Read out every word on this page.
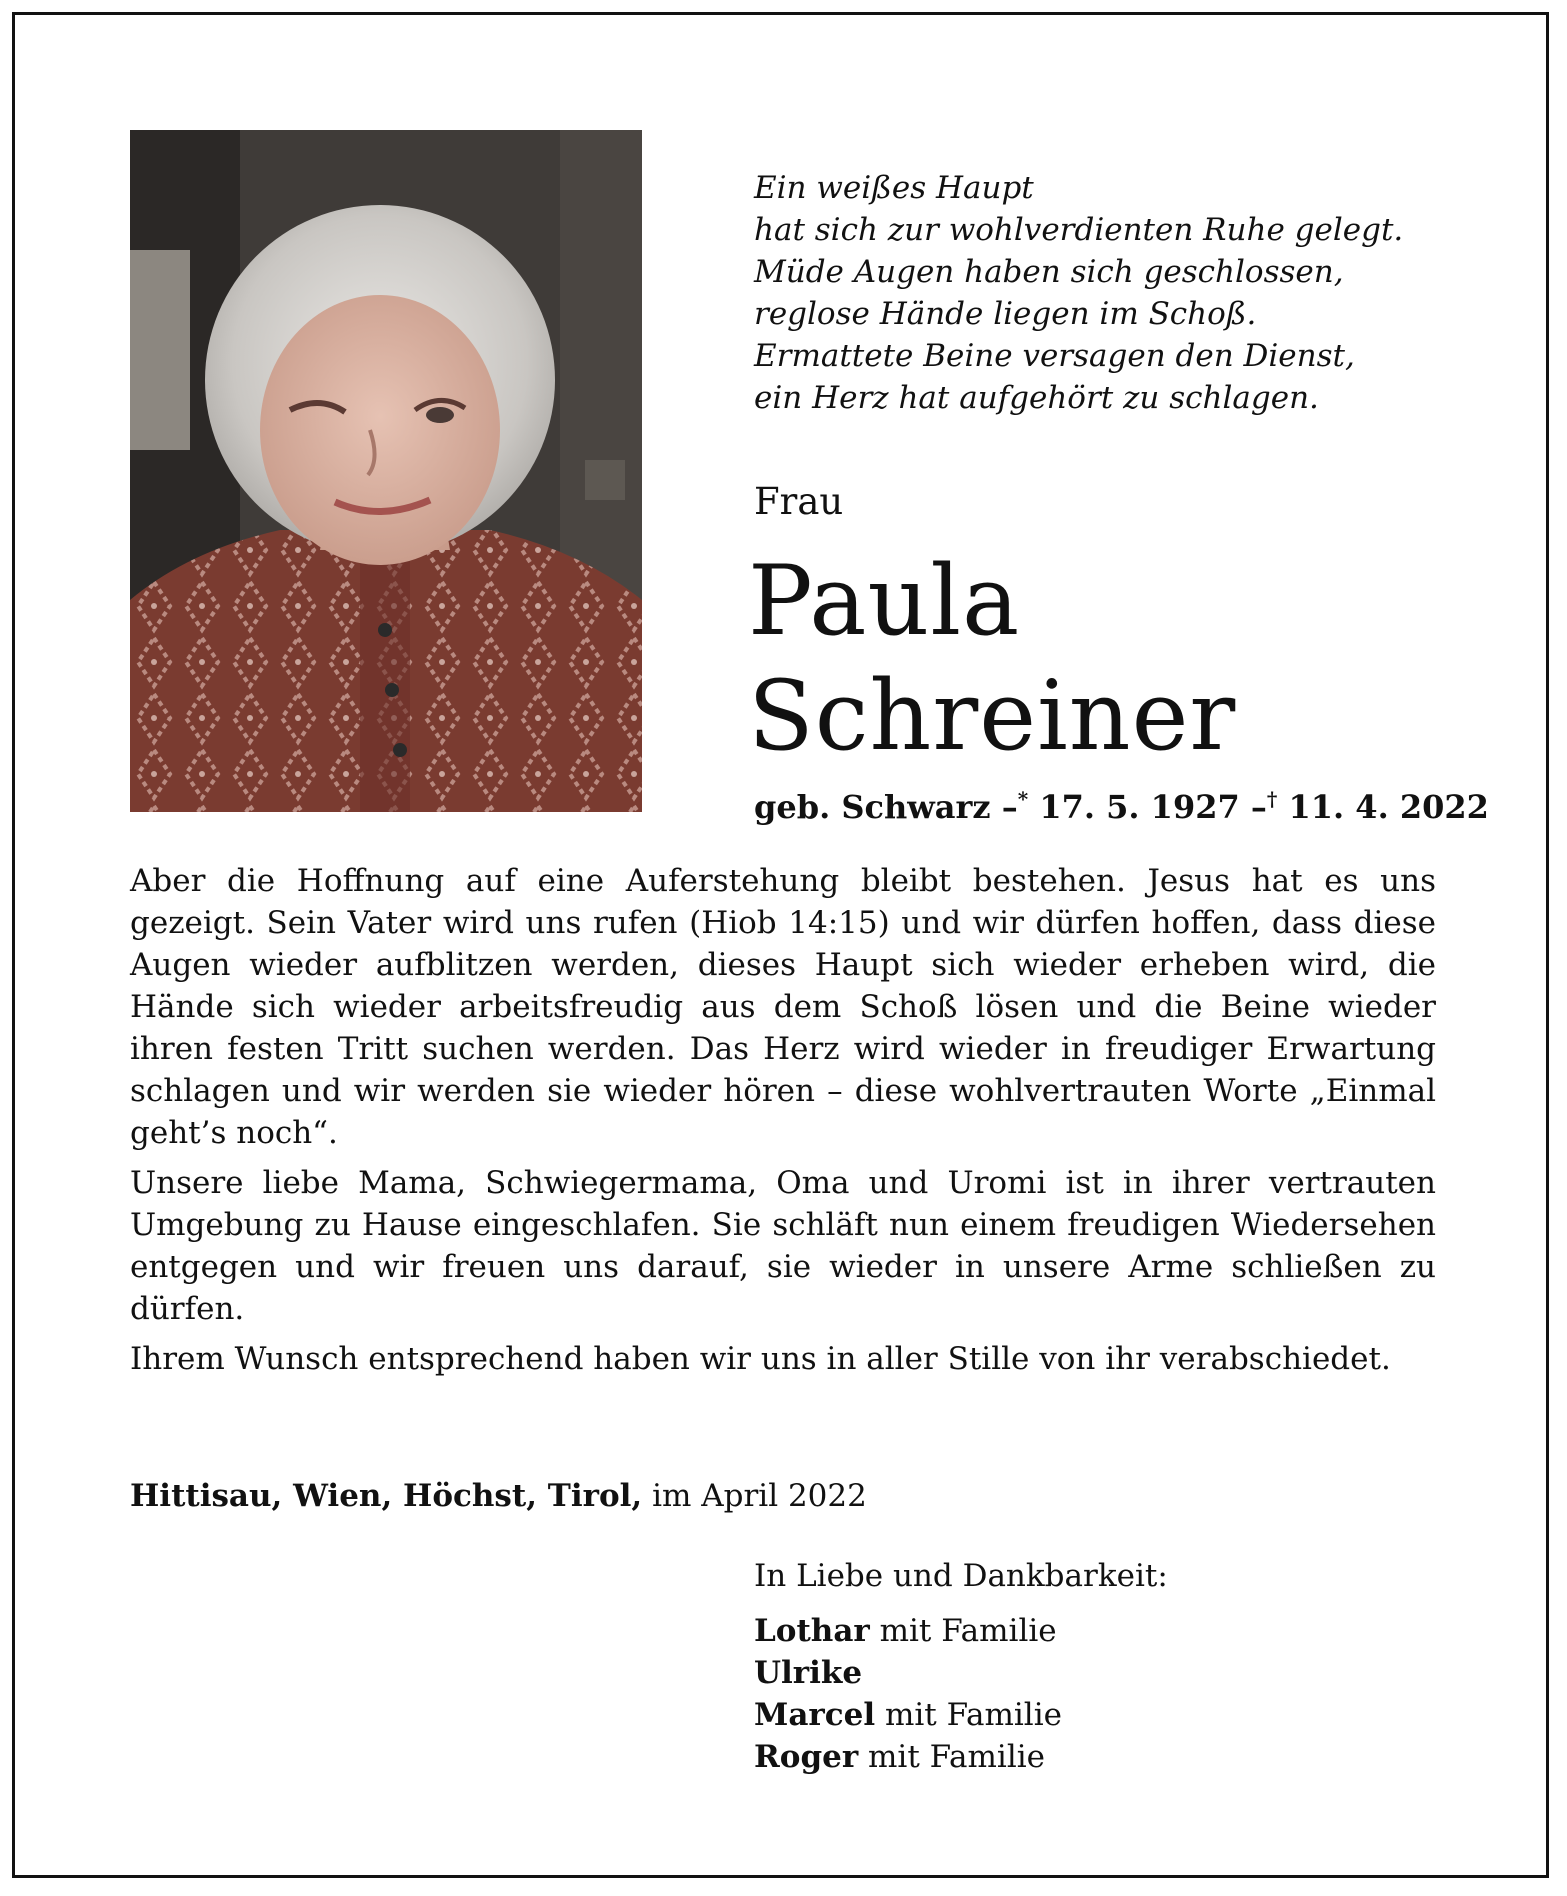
Ein weißes Haupt
hat sich zur wohlverdienten Ruhe gelegt.
Müde Augen haben sich geschlossen,
reglose Hände liegen im Schoß.
Ermattete Beine versagen den Dienst,
ein Herz hat aufgehört zu schlagen.
Frau
Paula
Schreiner
geb. Schwarz –* 17. 5. 1927 –† 11. 4. 2022

Aber die Hoffnung auf eine Auferstehung bleibt bestehen. Jesus hat es uns gezeigt. Sein Vater wird uns rufen (Hiob 14:15) und wir dürfen hoffen, dass diese Augen wieder aufblitzen werden, dieses Haupt sich wieder erheben wird, die Hände sich wieder arbeitsfreudig aus dem Schoß lösen und die Beine wieder ihren festen Tritt suchen werden. Das Herz wird wieder in freudiger Erwartung schlagen und wir werden sie wieder hören – diese wohlvertrauten Worte „Einmal geht’s noch“.

Unsere liebe Mama, Schwiegermama, Oma und Uromi ist in ihrer vertrauten Umgebung zu Hause eingeschlafen. Sie schläft nun einem freudigen Wiedersehen entgegen und wir freuen uns darauf, sie wieder in unsere Arme schließen zu dürfen.

Ihrem Wunsch entsprechend haben wir uns in aller Stille von ihr verabschiedet.

Hittisau, Wien, Höchst, Tirol, im April 2022
In Liebe und Dankbarkeit:
Lothar mit Familie
Ulrike
Marcel mit Familie
Roger mit Familie
